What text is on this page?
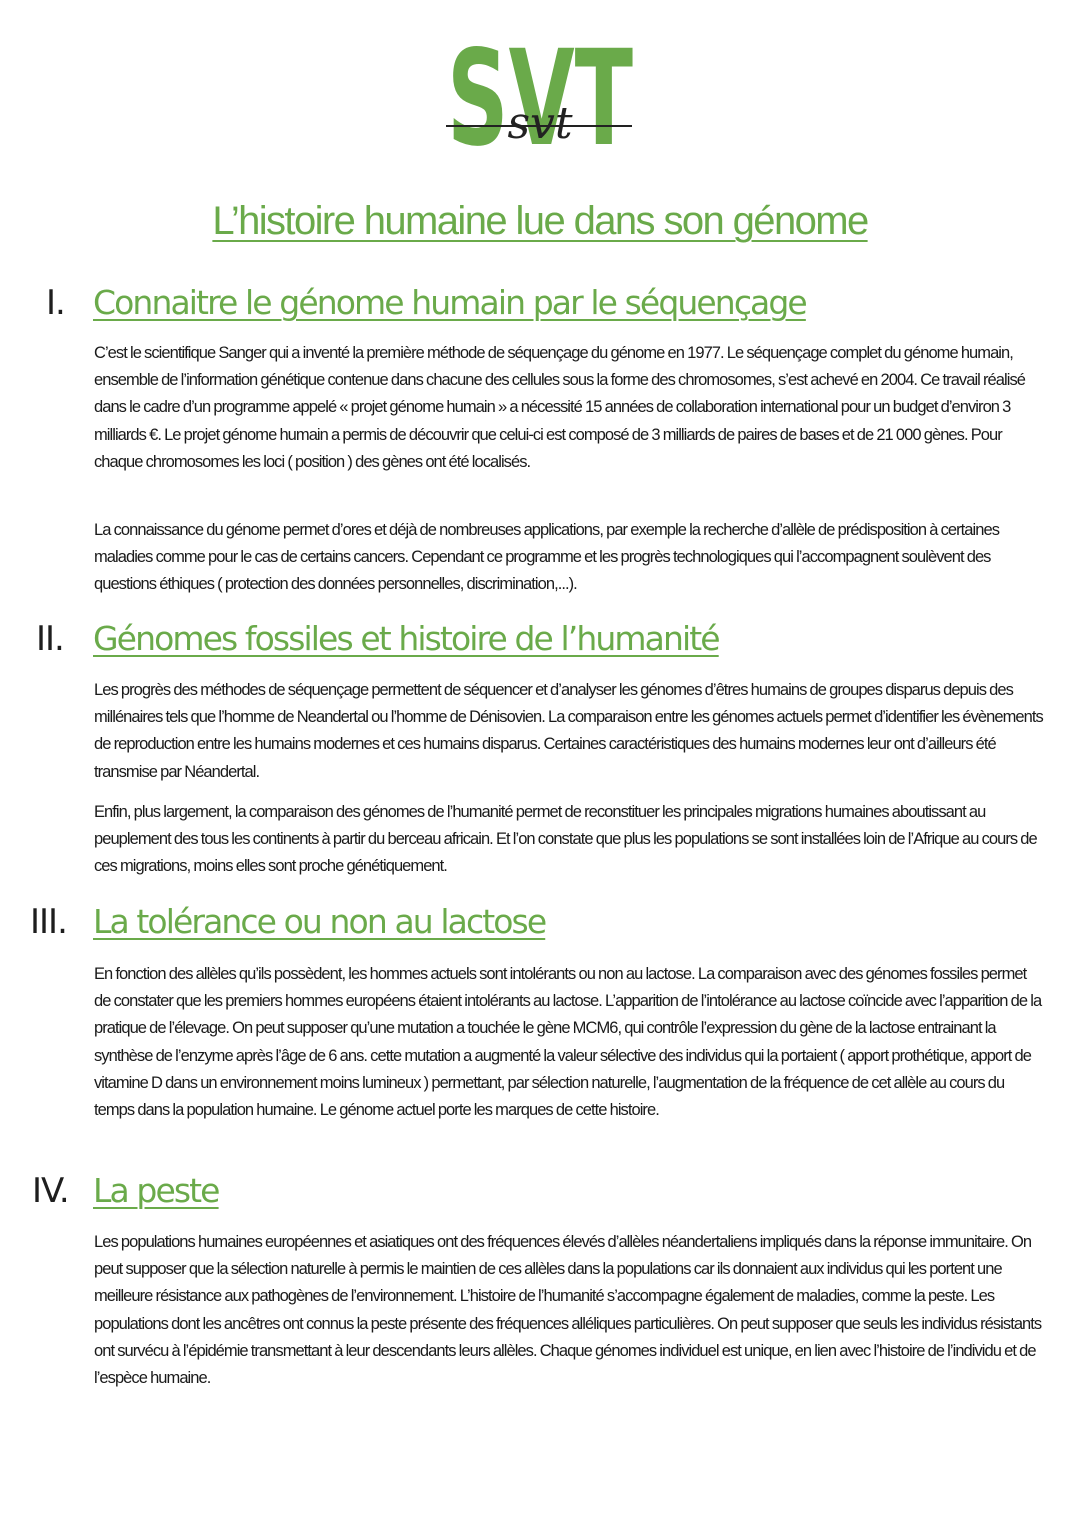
SVT
svt
L’histoire humaine lue dans son génome
I. Connaitre le génome humain par le séquençage

C’est le scientifique Sanger qui a inventé la première méthode de séquençage du génome en 1977. Le séquençage complet du génome humain, ensemble de l’information génétique contenue dans chacune des cellules sous la forme des chromosomes, s’est achevé en 2004. Ce travail réalisé dans le cadre d’un programme appelé « projet génome humain » a nécessité 15 années de collaboration international pour un budget d’environ 3 milliards €. Le projet génome humain a permis de découvrir que celui-ci est composé de 3 milliards de paires de bases et de 21 000 gènes. Pour chaque chromosomes les loci ( position ) des gènes ont été localisés.

La connaissance du génome permet d’ores et déjà de nombreuses applications, par exemple la recherche d’allèle de prédisposition à certaines maladies comme pour le cas de certains cancers. Cependant ce programme et les progrès technologiques qui l’accompagnent soulèvent des questions éthiques ( protection des données personnelles, discrimination,...).

II. Génomes fossiles et histoire de l’humanité

Les progrès des méthodes de séquençage permettent de séquencer et d’analyser les génomes d’êtres humains de groupes disparus depuis des millénaires tels que l’homme de Neandertal ou l’homme de Dénisovien. La comparaison entre les génomes actuels permet d’identifier les évènements de reproduction entre les humains modernes et ces humains disparus. Certaines caractéristiques des humains modernes leur ont d’ailleurs été transmise par Néandertal.

Enfin, plus largement, la comparaison des génomes de l’humanité permet de reconstituer les principales migrations humaines aboutissant au peuplement des tous les continents à partir du berceau africain. Et l’on constate que plus les populations se sont installées loin de l’Afrique au cours de ces migrations, moins elles sont proche génétiquement.

III. La tolérance ou non au lactose

En fonction des allèles qu’ils possèdent, les hommes actuels sont intolérants ou non au lactose. La comparaison avec des génomes fossiles permet de constater que les premiers hommes européens étaient intolérants au lactose. L’apparition de l’intolérance au lactose coïncide avec l’apparition de la pratique de l’élevage. On peut supposer qu’une mutation a touchée le gène MCM6, qui contrôle l’expression du gène de la lactose entrainant la synthèse de l’enzyme après l’âge de 6 ans. cette mutation a augmenté la valeur sélective des individus qui la portaient ( apport prothétique, apport de vitamine D dans un environnement moins lumineux ) permettant, par sélection naturelle, l’augmentation de la fréquence de cet allèle au cours du temps dans la population humaine. Le génome actuel porte les marques de cette histoire.

IV. La peste

Les populations humaines européennes et asiatiques ont des fréquences élevés d’allèles néandertaliens impliqués dans la réponse immunitaire. On peut supposer que la sélection naturelle à permis le maintien de ces allèles dans la populations car ils donnaient aux individus qui les portent une meilleure résistance aux pathogènes de l’environnement. L’histoire de l’humanité s’accompagne également de maladies, comme la peste. Les populations dont les ancêtres ont connus la peste présente des fréquences alléliques particulières. On peut supposer que seuls les individus résistants ont survécu à l’épidémie transmettant à leur descendants leurs allèles. Chaque génomes individuel est unique, en lien avec l’histoire de l’individu et de l’espèce humaine.
